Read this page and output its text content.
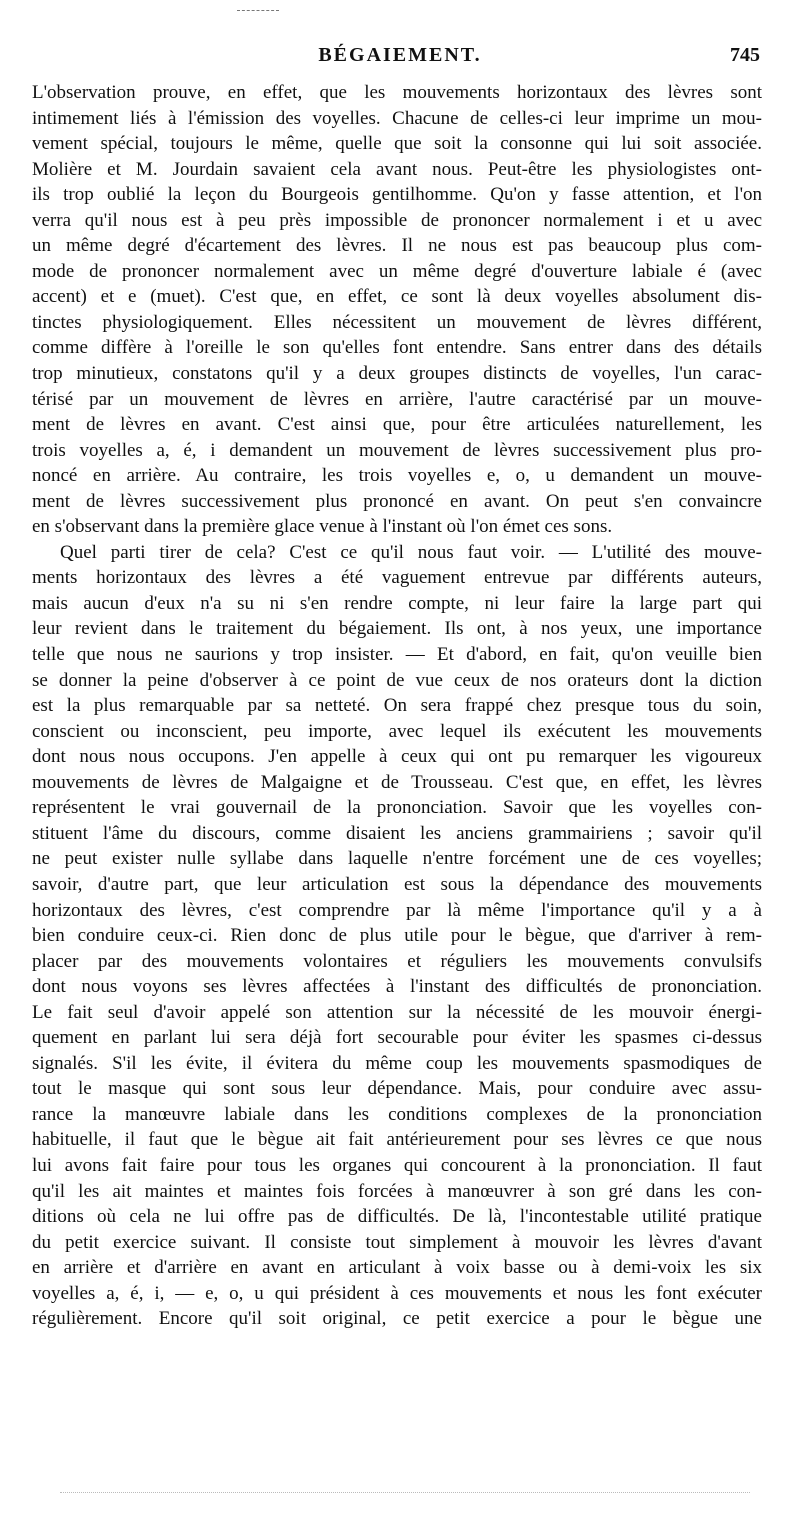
BÉGAIEMENT.	745
L'observation prouve, en effet, que les mouvements horizontaux des lèvres sont
intimement liés à l'émission des voyelles. Chacune de celles-ci leur imprime un mou-
vement spécial, toujours le même, quelle que soit la consonne qui lui soit associée.
Molière et M. Jourdain savaient cela avant nous. Peut-être les physiologistes ont-
ils trop oublié la leçon du Bourgeois gentilhomme. Qu'on y fasse attention, et l'on
verra qu'il nous est à peu près impossible de prononcer normalement i et u avec
un même degré d'écartement des lèvres. Il ne nous est pas beaucoup plus com-
mode de prononcer normalement avec un même degré d'ouverture labiale é (avec
accent) et e (muet). C'est que, en effet, ce sont là deux voyelles absolument dis-
tinctes physiologiquement. Elles nécessitent un mouvement de lèvres différent,
comme diffère à l'oreille le son qu'elles font entendre. Sans entrer dans des détails
trop minutieux, constatons qu'il y a deux groupes distincts de voyelles, l'un carac-
térisé par un mouvement de lèvres en arrière, l'autre caractérisé par un mouve-
ment de lèvres en avant. C'est ainsi que, pour être articulées naturellement, les
trois voyelles a, é, i demandent un mouvement de lèvres successivement plus pro-
noncé en arrière. Au contraire, les trois voyelles e, o, u demandent un mouve-
ment de lèvres successivement plus prononcé en avant. On peut s'en convaincre
en s'observant dans la première glace venue à l'instant où l'on émet ces sons.
Quel parti tirer de cela? C'est ce qu'il nous faut voir. — L'utilité des mouve-
ments horizontaux des lèvres a été vaguement entrevue par différents auteurs,
mais aucun d'eux n'a su ni s'en rendre compte, ni leur faire la large part qui
leur revient dans le traitement du bégaiement. Ils ont, à nos yeux, une importance
telle que nous ne saurions y trop insister. — Et d'abord, en fait, qu'on veuille bien
se donner la peine d'observer à ce point de vue ceux de nos orateurs dont la diction
est la plus remarquable par sa netteté. On sera frappé chez presque tous du soin,
conscient ou inconscient, peu importe, avec lequel ils exécutent les mouvements
dont nous nous occupons. J'en appelle à ceux qui ont pu remarquer les vigoureux
mouvements de lèvres de Malgaigne et de Trousseau. C'est que, en effet, les lèvres
représentent le vrai gouvernail de la prononciation. Savoir que les voyelles con-
stituent l'âme du discours, comme disaient les anciens grammairiens ; savoir qu'il
ne peut exister nulle syllabe dans laquelle n'entre forcément une de ces voyelles;
savoir, d'autre part, que leur articulation est sous la dépendance des mouvements
horizontaux des lèvres, c'est comprendre par là même l'importance qu'il y a à
bien conduire ceux-ci. Rien donc de plus utile pour le bègue, que d'arriver à rem-
placer par des mouvements volontaires et réguliers les mouvements convulsifs
dont nous voyons ses lèvres affectées à l'instant des difficultés de prononciation.
Le fait seul d'avoir appelé son attention sur la nécessité de les mouvoir énergi-
quement en parlant lui sera déjà fort secourable pour éviter les spasmes ci-dessus
signalés. S'il les évite, il évitera du même coup les mouvements spasmodiques de
tout le masque qui sont sous leur dépendance. Mais, pour conduire avec assu-
rance la manœuvre labiale dans les conditions complexes de la prononciation
habituelle, il faut que le bègue ait fait antérieurement pour ses lèvres ce que nous
lui avons fait faire pour tous les organes qui concourent à la prononciation. Il faut
qu'il les ait maintes et maintes fois forcées à manœuvrer à son gré dans les con-
ditions où cela ne lui offre pas de difficultés. De là, l'incontestable utilité pratique
du petit exercice suivant. Il consiste tout simplement à mouvoir les lèvres d'avant
en arrière et d'arrière en avant en articulant à voix basse ou à demi-voix les six
voyelles a, é, i, — e, o, u qui président à ces mouvements et nous les font exécuter
régulièrement. Encore qu'il soit original, ce petit exercice a pour le bègue une
